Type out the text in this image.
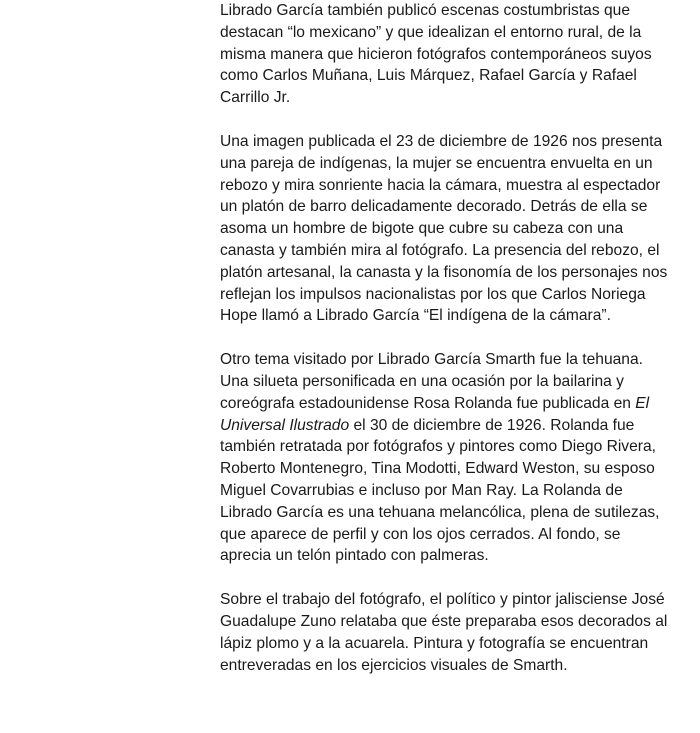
Librado García también publicó escenas costumbristas que destacan “lo mexicano” y que idealizan el entorno rural, de la misma manera que hicieron fotógrafos contemporáneos suyos como Carlos Muñana, Luis Márquez, Rafael García y Rafael Carrillo Jr.

Una imagen publicada el 23 de diciembre de 1926 nos presenta una pareja de indígenas, la mujer se encuentra envuelta en un rebozo y mira sonriente hacia la cámara, muestra al espectador un platón de barro delicadamente decorado. Detrás de ella se asoma un hombre de bigote que cubre su cabeza con una canasta y también mira al fotógrafo. La presencia del rebozo, el platón artesanal, la canasta y la fisonomía de los personajes nos reflejan los impulsos nacionalistas por los que Carlos Noriega Hope llamó a Librado García “El indígena de la cámara”.

Otro tema visitado por Librado García Smarth fue la tehuana. Una silueta personificada en una ocasión por la bailarina y coreógrafa estadounidense Rosa Rolanda fue publicada en El Universal Ilustrado el 30 de diciembre de 1926. Rolanda fue también retratada por fotógrafos y pintores como Diego Rivera, Roberto Montenegro, Tina Modotti, Edward Weston, su esposo Miguel Covarrubias e incluso por Man Ray. La Rolanda de Librado García es una tehuana melancólica, plena de sutilezas, que aparece de perfil y con los ojos cerrados. Al fondo, se aprecia un telón pintado con palmeras.

Sobre el trabajo del fotógrafo, el político y pintor jalisciense José Guadalupe Zuno relataba que éste preparaba esos decorados al lápiz plomo y a la acuarela. Pintura y fotografía se encuentran entreveradas en los ejercicios visuales de Smarth.
